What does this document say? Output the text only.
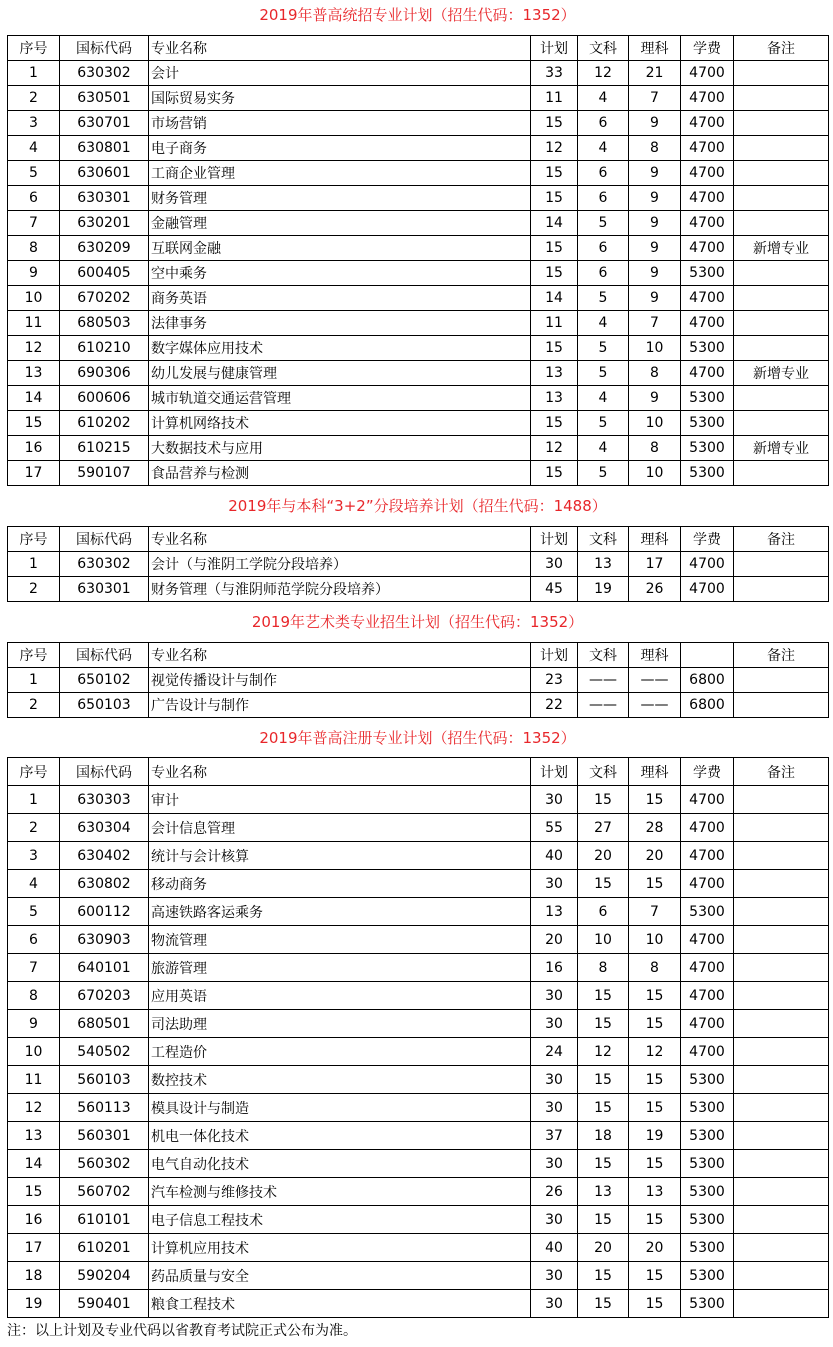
2019年普高统招专业计划（招生代码：1352）
序号	国标代码	专业名称	计划	文科	理科	学费	备注
1	630302	会计	33	12	21	4700	
2	630501	国际贸易实务	11	4	7	4700	
3	630701	市场营销	15	6	9	4700	
4	630801	电子商务	12	4	8	4700	
5	630601	工商企业管理	15	6	9	4700	
6	630301	财务管理	15	6	9	4700	
7	630201	金融管理	14	5	9	4700	
8	630209	互联网金融	15	6	9	4700	新增专业
9	600405	空中乘务	15	6	9	5300	
10	670202	商务英语	14	5	9	4700	
11	680503	法律事务	11	4	7	4700	
12	610210	数字媒体应用技术	15	5	10	5300	
13	690306	幼儿发展与健康管理	13	5	8	4700	新增专业
14	600606	城市轨道交通运营管理	13	4	9	5300	
15	610202	计算机网络技术	15	5	10	5300	
16	610215	大数据技术与应用	12	4	8	5300	新增专业
17	590107	食品营养与检测	15	5	10	5300	
2019年与本科“3+2”分段培养计划（招生代码：1488）
序号	国标代码	专业名称	计划	文科	理科	学费	备注
1	630302	会计（与淮阴工学院分段培养）	30	13	17	4700	
2	630301	财务管理（与淮阴师范学院分段培养）	45	19	26	4700	
2019年艺术类专业招生计划（招生代码：1352）
序号	国标代码	专业名称	计划	文科	理科		备注
1	650102	视觉传播设计与制作	23	——	——	6800	
2	650103	广告设计与制作	22	——	——	6800	
2019年普高注册专业计划（招生代码：1352）
序号	国标代码	专业名称	计划	文科	理科	学费	备注
1	630303	审计	30	15	15	4700	
2	630304	会计信息管理	55	27	28	4700	
3	630402	统计与会计核算	40	20	20	4700	
4	630802	移动商务	30	15	15	4700	
5	600112	高速铁路客运乘务	13	6	7	5300	
6	630903	物流管理	20	10	10	4700	
7	640101	旅游管理	16	8	8	4700	
8	670203	应用英语	30	15	15	4700	
9	680501	司法助理	30	15	15	4700	
10	540502	工程造价	24	12	12	4700	
11	560103	数控技术	30	15	15	5300	
12	560113	模具设计与制造	30	15	15	5300	
13	560301	机电一体化技术	37	18	19	5300	
14	560302	电气自动化技术	30	15	15	5300	
15	560702	汽车检测与维修技术	26	13	13	5300	
16	610101	电子信息工程技术	30	15	15	5300	
17	610201	计算机应用技术	40	20	20	5300	
18	590204	药品质量与安全	30	15	15	5300	
19	590401	粮食工程技术	30	15	15	5300	
注：以上计划及专业代码以省教育考试院正式公布为准。
